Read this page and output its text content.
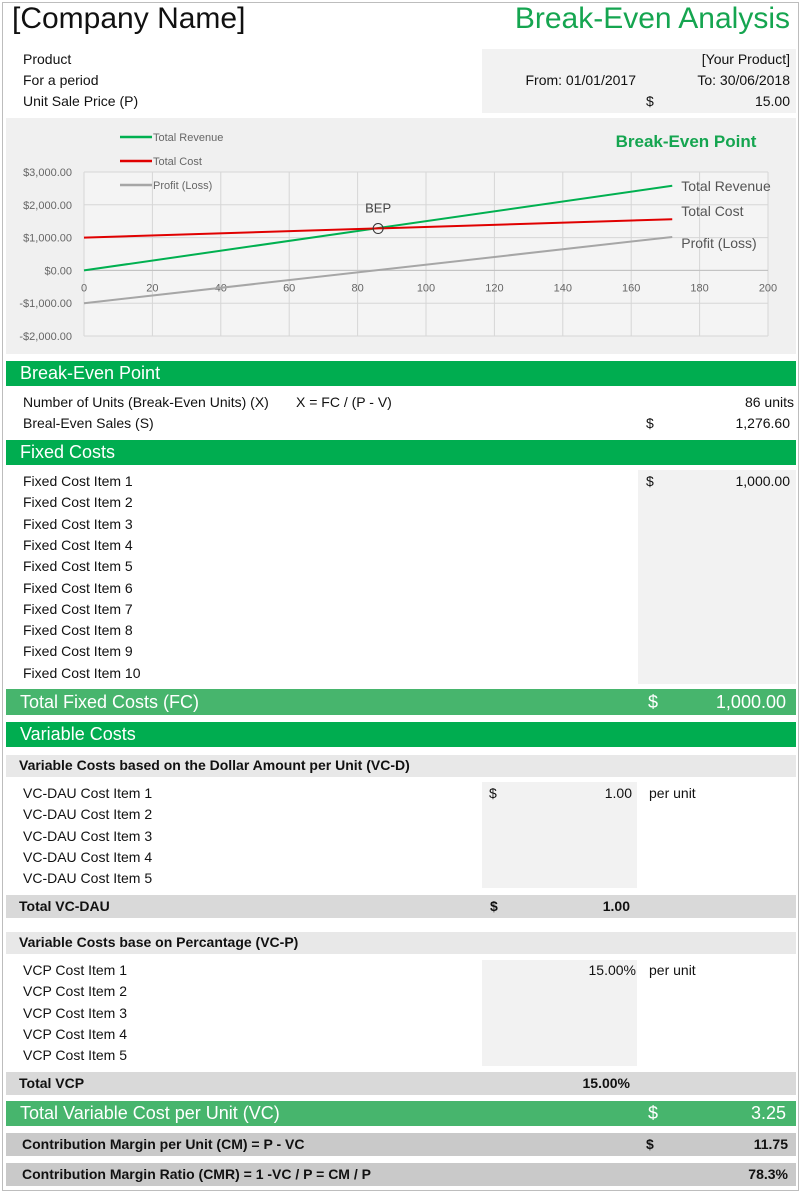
[Company Name]	Break-Even Analysis
Product	[Your Product]
For a period	From: 01/01/2017	To: 30/06/2018
Unit Sale Price (P)	$	15.00
$3,000.00
$2,000.00
$1,000.00
$0.00
-$1,000.00
-$2,000.00
0	20	40	60	80	100	120	140	160	180	200
Total Revenue
Total Cost
Profit (Loss)
BEP
Total Revenue
Total Cost
Profit (Loss)
Break-Even Point
Break-Even Point
Number of Units (Break-Even Units) (X) X = FC / (P - V)	86 units
Breal-Even Sales (S)	$	1,276.60
Fixed Costs
Fixed Cost Item 1	$	1,000.00
Fixed Cost Item 2
Fixed Cost Item 3
Fixed Cost Item 4
Fixed Cost Item 5
Fixed Cost Item 6
Fixed Cost Item 7
Fixed Cost Item 8
Fixed Cost Item 9
Fixed Cost Item 10
Total Fixed Costs (FC)	$	1,000.00
Variable Costs
Variable Costs based on the Dollar Amount per Unit (VC-D)
VC-DAU Cost Item 1	$	1.00 per unit
VC-DAU Cost Item 2
VC-DAU Cost Item 3
VC-DAU Cost Item 4
VC-DAU Cost Item 5
Total VC-DAU	$	1.00
Variable Costs base on Percantage (VC-P)
VCP Cost Item 1	15.00% per unit
VCP Cost Item 2
VCP Cost Item 3
VCP Cost Item 4
VCP Cost Item 5
Total VCP	15.00%
Total Variable Cost per Unit (VC)	$	3.25
Contribution Margin per Unit (CM) = P - VC	$	11.75
Contribution Margin Ratio (CMR) = 1 -VC / P = CM / P	78.3%
